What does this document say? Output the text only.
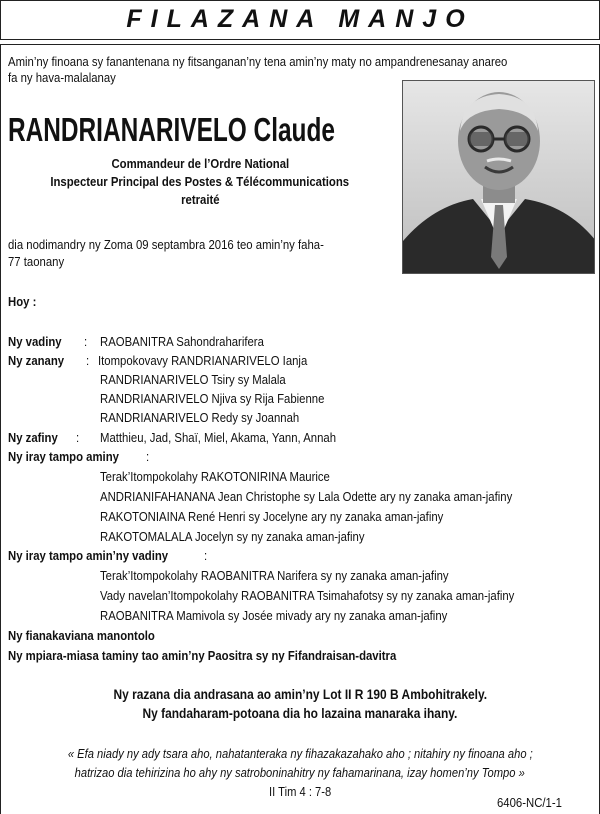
FILAZANA MANJO
Amin’ny finoana sy fanantenana ny fitsanganan’ny tena amin’ny maty no ampandrenesanay anareo
fa ny hava-malalanay
RANDRIANARIVELO Claude
Commandeur de l’Ordre National
Inspecteur Principal des Postes & Télécommunications
retraité
dia nodimandry ny Zoma 09 septambra 2016 teo amin’ny faha-
77 taonany
Hoy :
Ny vadiny : RAOBANITRA Sahondraharifera
Ny zanany : Itompokovavy RANDRIANARIVELO Ianja
RANDRIANARIVELO Tsiry sy Malala
RANDRIANARIVELO Njiva sy Rija Fabienne
RANDRIANARIVELO Redy sy Joannah
Ny zafiny : Matthieu, Jad, Shaï, Miel, Akama, Yann, Annah
Ny iray tampo aminy :
Terak’Itompokolahy RAKOTONIRINA Maurice
ANDRIANIFAHANANA Jean Christophe sy Lala Odette ary ny zanaka aman-jafiny
RAKOTONIAINA René Henri sy Jocelyne ary ny zanaka aman-jafiny
RAKOTOMALALA Jocelyn sy ny zanaka aman-jafiny
Ny iray tampo amin’ny vadiny	:
Terak’Itompokolahy RAOBANITRA Narifera sy ny zanaka aman-jafiny
Vady navelan’Itompokolahy RAOBANITRA Tsimahafotsy sy ny zanaka aman-jafiny
RAOBANITRA Mamivola sy Josée mivady ary ny zanaka aman-jafiny
Ny fianakaviana manontolo
Ny mpiara-miasa taminy tao amin’ny Paositra sy ny Fifandraisan-davitra
Ny razana dia andrasana ao amin’ny Lot II R 190 B Ambohitrakely.
Ny fandaharam-potoana dia ho lazaina manaraka ihany.
« Efa niady ny ady tsara aho, nahatanteraka ny fihazakazahako aho ; nitahiry ny finoana aho ;
hatrizao dia tehirizina ho ahy ny satroboninahitry ny fahamarinana, izay homen’ny Tompo »
II Tim 4 : 7-8
6406-NC/1-1
